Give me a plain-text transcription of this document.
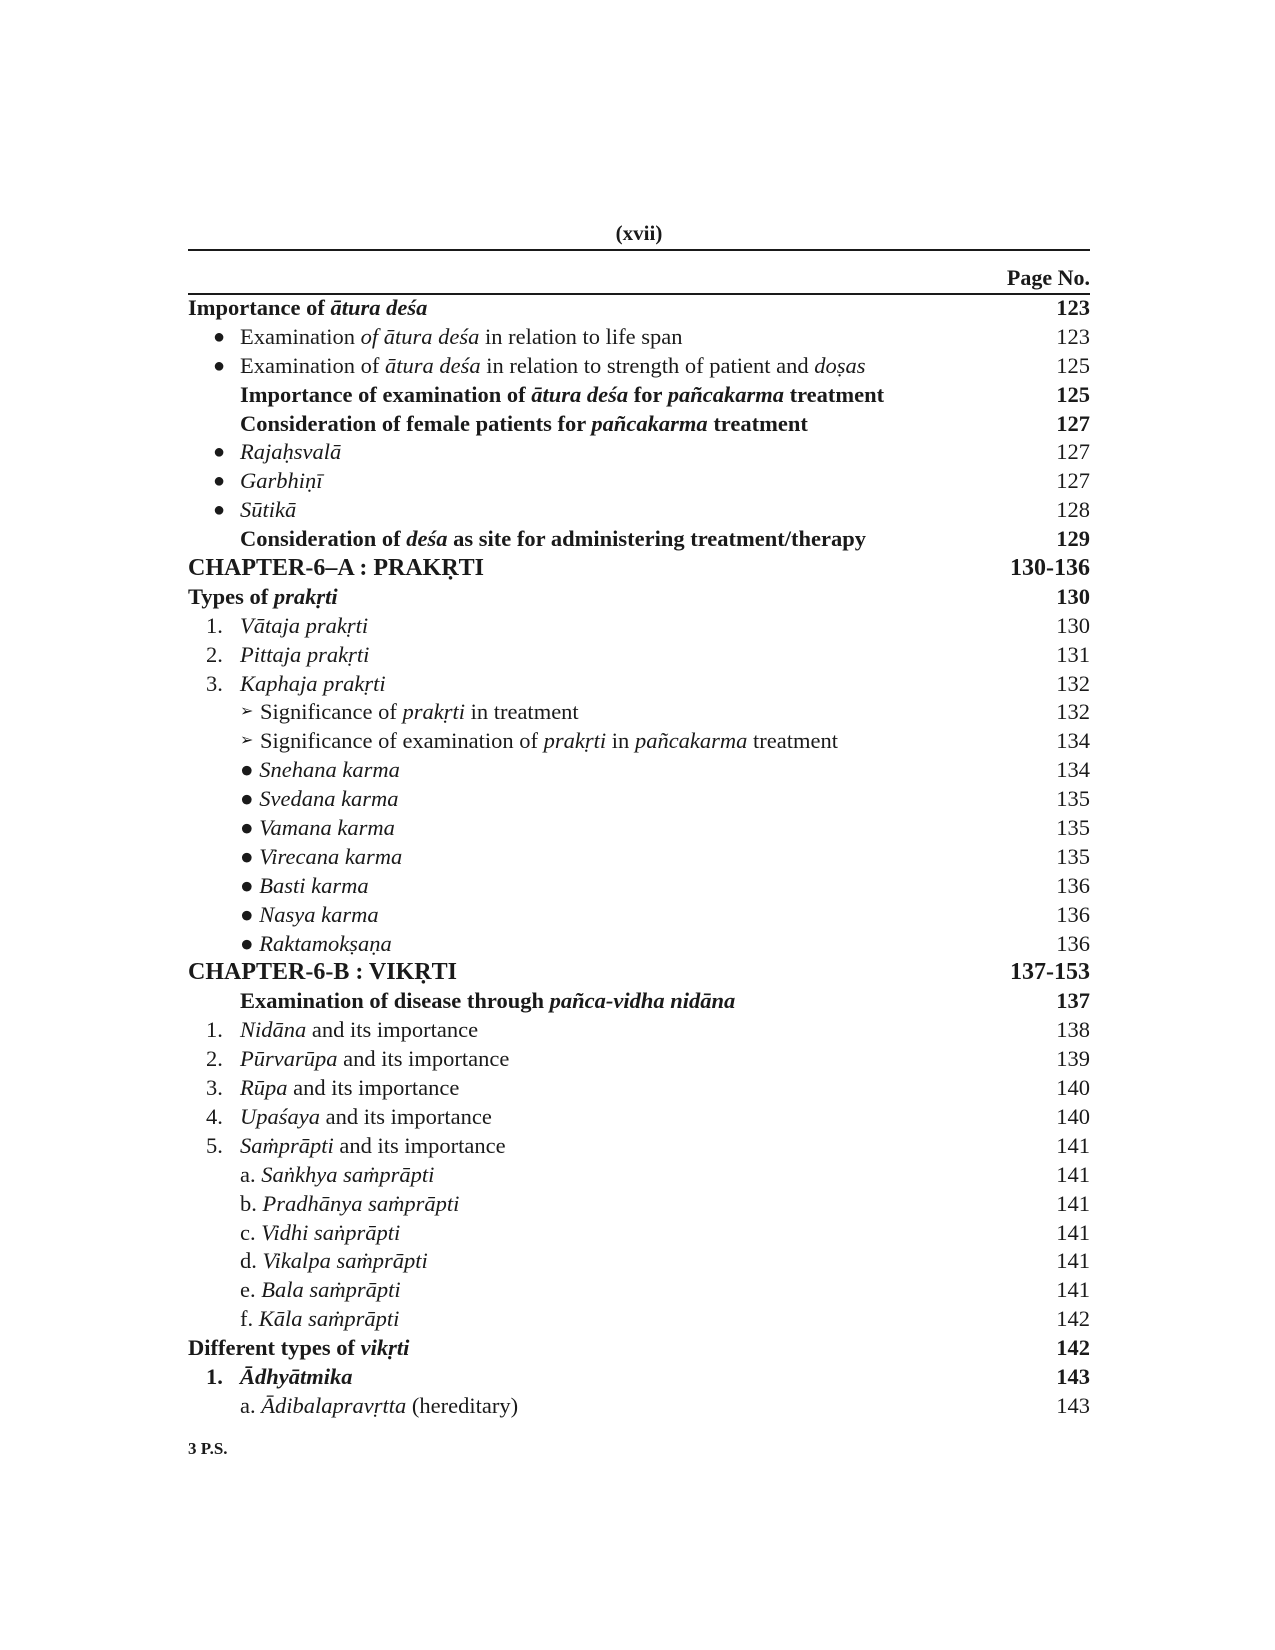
(xvii)
Page No.
Importance of ātura deśa	123
● Examination of ātura deśa in relation to life span	123
● Examination of ātura deśa in relation to strength of patient and doṣas	125
Importance of examination of ātura deśa for pañcakarma treatment	125
Consideration of female patients for pañcakarma treatment	127
● Rajaḥsvalā	127
● Garbhiṇī	127
● Sūtikā	128
Consideration of deśa as site for administering treatment/therapy	129
CHAPTER-6–A : PRAKṚTI	130-136
Types of prakṛti	130
1. Vātaja prakṛti	130
2. Pittaja prakṛti	131
3. Kaphaja prakṛti	132
➢ Significance of prakṛti in treatment	132
➢ Significance of examination of prakṛti in pañcakarma treatment	134
● Snehana karma	134
● Svedana karma	135
● Vamana karma	135
● Virecana karma	135
● Basti karma	136
● Nasya karma	136
● Raktamokṣaṇa	136
CHAPTER-6-B : VIKṚTI	137-153
Examination of disease through pañca-vidha nidāna	137
1. Nidāna and its importance	138
2. Pūrvarūpa and its importance	139
3. Rūpa and its importance	140
4. Upaśaya and its importance	140
5. Saṁprāpti and its importance	141
a. Saṅkhya saṁprāpti	141
b. Pradhānya saṁprāpti	141
c. Vidhi saṅprāpti	141
d. Vikalpa saṁprāpti	141
e. Bala saṁprāpti	141
f. Kāla saṁprāpti	142
Different types of vikṛti	142
1. Ādhyātmika	143
a. Ādibalapravṛtta (hereditary)	143
3 P.S.
